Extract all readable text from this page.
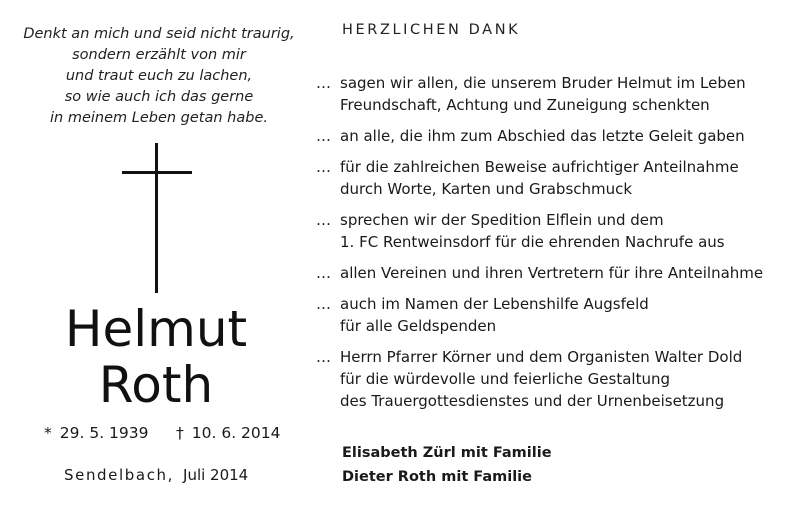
Denkt an mich und seid nicht traurig,
sondern erzählt von mir
und traut euch zu lachen,
so wie auch ich das gerne
in meinem Leben getan habe.
Helmut
Roth
* 29. 5. 1939 † 10. 6. 2014
Sendelbach, Juli 2014
HERZLICHEN DANK
… sagen wir allen, die unserem Bruder Helmut im Leben
Freundschaft, Achtung und Zuneigung schenkten
… an alle, die ihm zum Abschied das letzte Geleit gaben
… für die zahlreichen Beweise aufrichtiger Anteilnahme
durch Worte, Karten und Grabschmuck
… sprechen wir der Spedition Elflein und dem
1. FC Rentweinsdorf für die ehrenden Nachrufe aus
… allen Vereinen und ihren Vertretern für ihre Anteilnahme
… auch im Namen der Lebenshilfe Augsfeld
für alle Geldspenden
… Herrn Pfarrer Körner und dem Organisten Walter Dold
für die würdevolle und feierliche Gestaltung
des Trauergottesdienstes und der Urnenbeisetzung
Elisabeth Zürl mit Familie
Dieter Roth mit Familie
